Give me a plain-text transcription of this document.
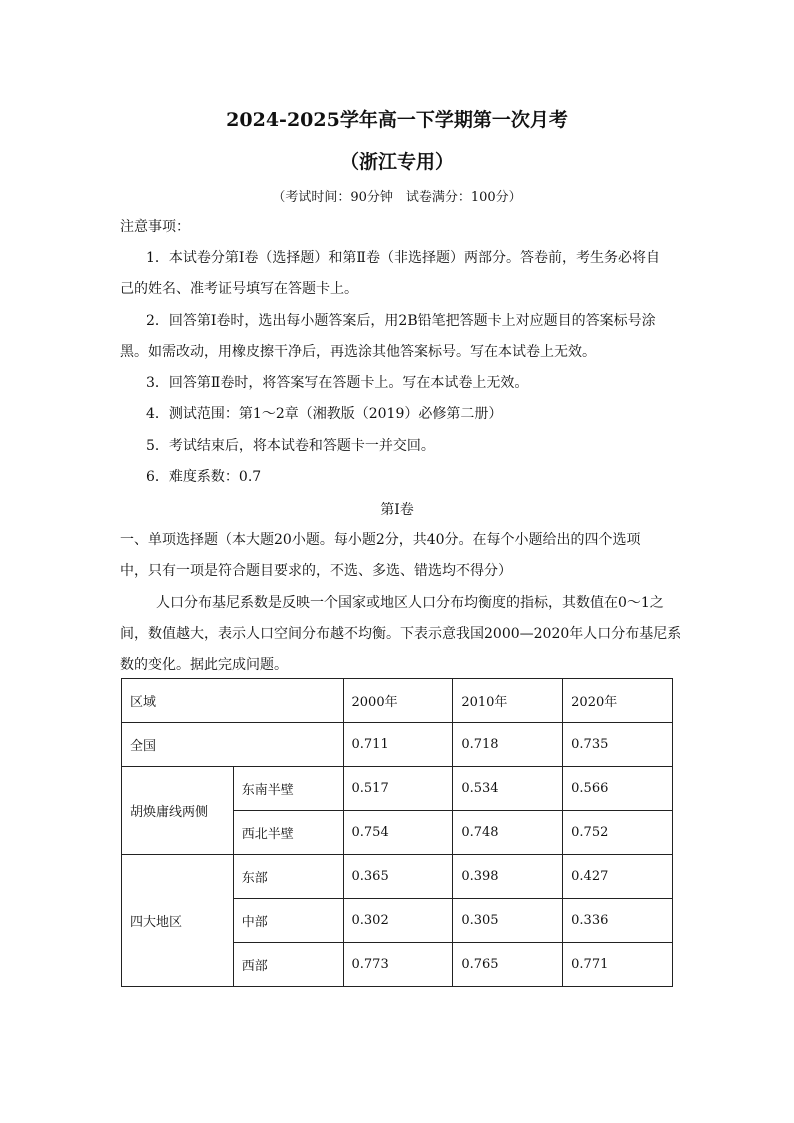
2024-2025学年高一下学期第一次月考
（浙江专用）
（考试时间：90分钟　试卷满分：100分）
注意事项：
1．本试卷分第Ⅰ卷（选择题）和第Ⅱ卷（非选择题）两部分。答卷前，考生务必将自
己的姓名、准考证号填写在答题卡上。
2．回答第Ⅰ卷时，选出每小题答案后，用2B铅笔把答题卡上对应题目的答案标号涂
黑。如需改动，用橡皮擦干净后，再选涂其他答案标号。写在本试卷上无效。
3．回答第Ⅱ卷时，将答案写在答题卡上。写在本试卷上无效。
4．测试范围：第1～2章（湘教版（2019）必修第二册）
5．考试结束后，将本试卷和答题卡一并交回。
6．难度系数：0.7
第Ⅰ卷
一、单项选择题（本大题20小题。每小题2分，共40分。在每个小题给出的四个选项
中，只有一项是符合题目要求的，不选、多选、错选均不得分）
人口分布基尼系数是反映一个国家或地区人口分布均衡度的指标，其数值在0～1之
间，数值越大，表示人口空间分布越不均衡。下表示意我国2000—2020年人口分布基尼系
数的变化。据此完成问题。
区域		2000年	2010年	2020年
全国		0.711	0.718	0.735
胡焕庸线两侧	东南半壁	0.517	0.534	0.566
	西北半壁	0.754	0.748	0.752
四大地区	东部	0.365	0.398	0.427
	中部	0.302	0.305	0.336
	西部	0.773	0.765	0.771
